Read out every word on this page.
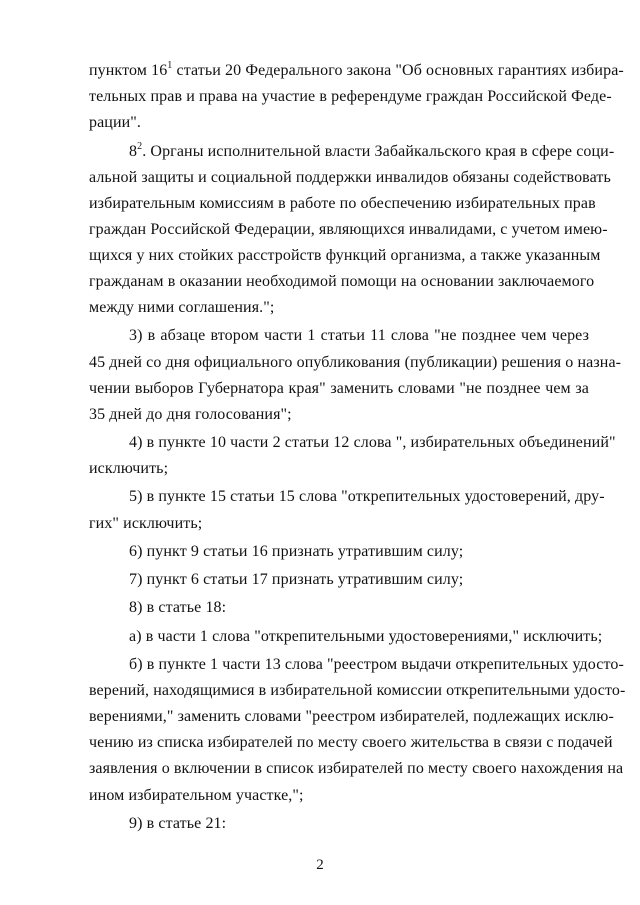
пунктом $16^1$ статьи 20 Федерального закона "Об основных гарантиях избира-
тельных прав и права на участие в референдуме граждан Российской Феде-
рации".
$8^2$. Органы исполнительной власти Забайкальского края в сфере соци-
альной защиты и социальной поддержки инвалидов обязаны содействовать
избирательным комиссиям в работе по обеспечению избирательных прав
граждан Российской Федерации, являющихся инвалидами, с учетом имею-
щихся у них стойких расстройств функций организма, а также указанным
гражданам в оказании необходимой помощи на основании заключаемого
между ними соглашения.";
3) в абзаце втором части 1 статьи 11 слова "не позднее чем через
45 дней со дня официального опубликования (публикации) решения о назна-
чении выборов Губернатора края" заменить словами "не позднее чем за
35 дней до дня голосования";
4) в пункте 10 части 2 статьи 12 слова ", избирательных объединений"
исключить;
5) в пункте 15 статьи 15 слова "открепительных удостоверений, дру-
гих" исключить;
6) пункт 9 статьи 16 признать утратившим силу;
7) пункт 6 статьи 17 признать утратившим силу;
8) в статье 18:
а) в части 1 слова "открепительными удостоверениями," исключить;
б) в пункте 1 части 13 слова "реестром выдачи открепительных удосто-
верений, находящимися в избирательной комиссии открепительными удосто-
верениями," заменить словами "реестром избирателей, подлежащих исклю-
чению из списка избирателей по месту своего жительства в связи с подачей
заявления о включении в список избирателей по месту своего нахождения на
ином избирательном участке,";
9) в статье 21:
2
